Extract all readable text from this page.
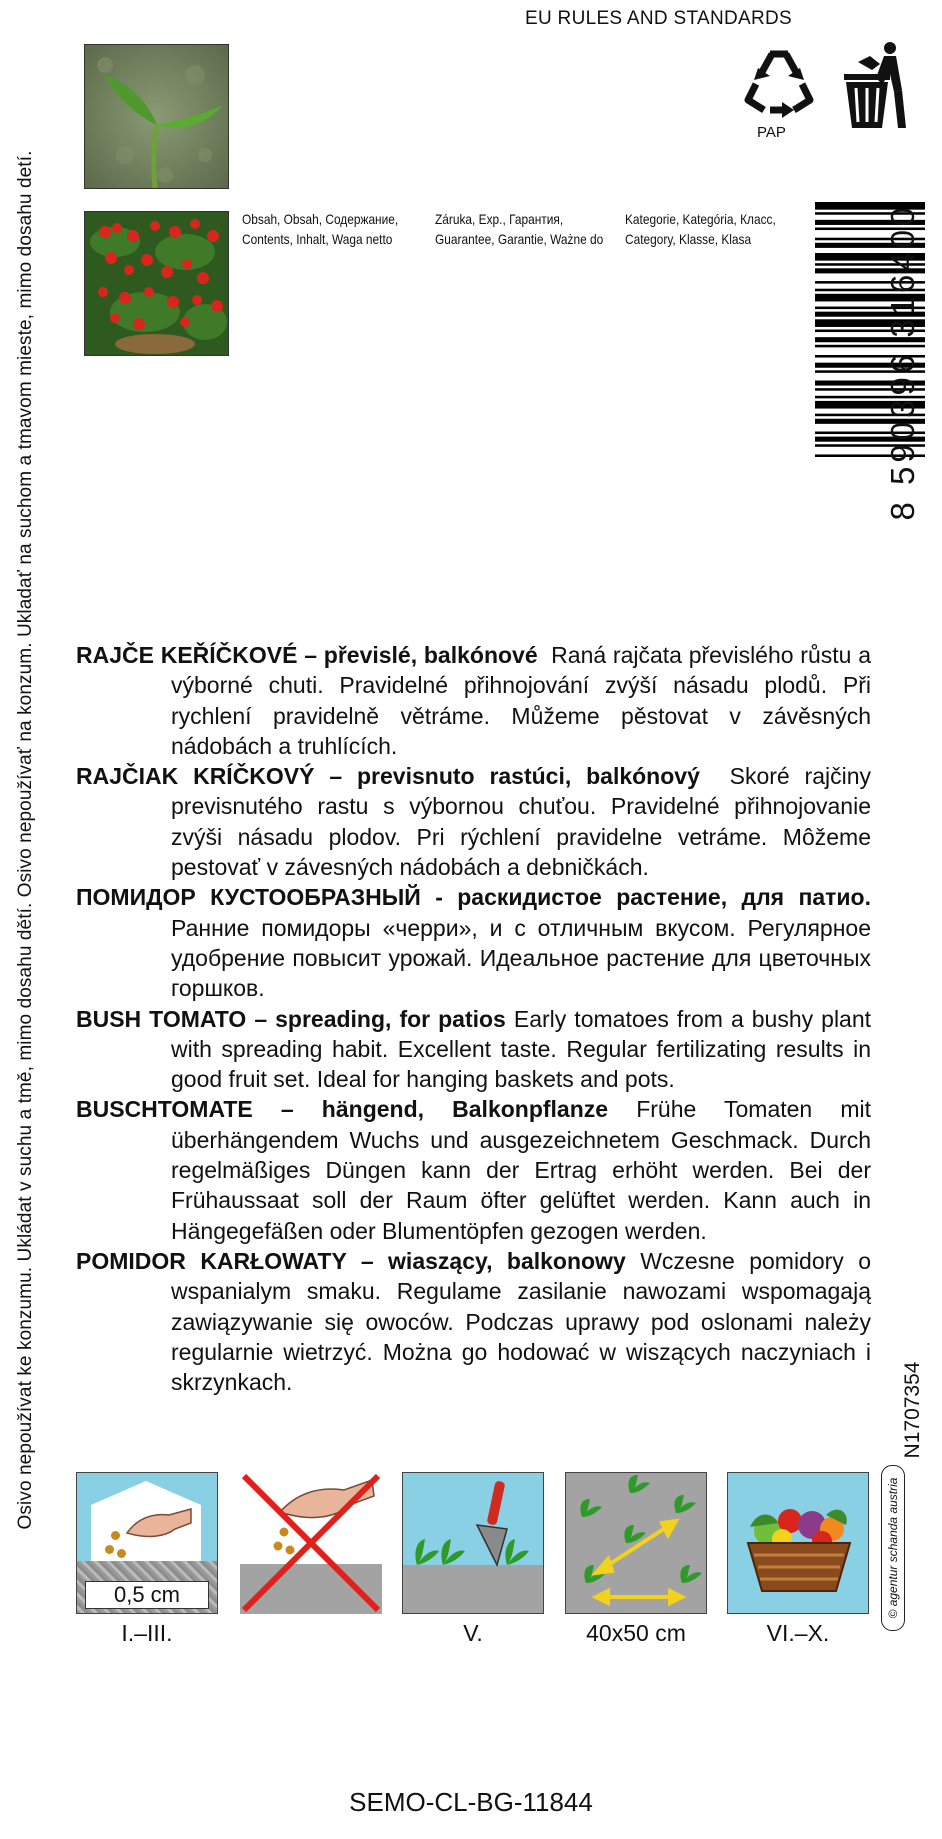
Osivo nepoužívat ke konzumu. Ukládat v suchu a tmě, mimo dosahu dětí. Osivo nepoužívať na konzum. Ukladať na suchom a tmavom mieste, mimo dosahu detí.
EU RULES AND STANDARDS
PAP
Obsah, Obsah, Содержание,
Contents, Inhalt, Waga netto
Záruka, Exp., Гарантия,
Guarantee, Garantie, Ważne do
Kategorie, Kategória, Класс,
Category, Klasse, Klasa	8 590396 316400
N1707354
© agentur schanda austria

RAJČE KEŘÍČKOVÉ – převislé, balkónové Raná rajčata převislého růstu a výborné chuti. Pravidelné přihnojování zvýší násadu plodů. Při rychlení pravidelně větráme. Můžeme pěstovat v závěsných nádobách a truhlících.

RAJČIAK KRÍČKOVÝ – previsnuto rastúci, balkónový Skoré rajčiny previsnutého rastu s výbornou chuťou. Pravidelné přihnojovanie zvýši násadu plodov. Pri rýchlení pravidelne vetráme. Môžeme pestovať v závesných nádobách a debničkách.

ПОМИДОР КУСТООБРАЗНЫЙ - раскидистое растение, для патио. Ранние помидоры «черри», и с отличным вкусом. Регулярное удобрение повысит урожай. Идеальное растение для цветочных горшков.

BUSH TOMATO – spreading, for patios Early tomatoes from a bushy plant with spreading habit. Excellent taste. Regular fertilizating results in good fruit set. Ideal for hanging baskets and pots.

BUSCHTOMATE – hängend, Balkonpflanze Frühe Tomaten mit überhängendem Wuchs und ausgezeichnetem Geschmack. Durch regelmäßiges Düngen kann der Ertrag erhöht werden. Bei der Frühaussaat soll der Raum öfter gelüftet werden. Kann auch in Hängegefäßen oder Blumentöpfen gezogen werden.

POMIDOR KARŁOWATY – wiaszący, balkonowy Wczesne pomidory o wspanialym smaku. Regulame zasilanie nawozami wspomagają zawiązywanie się owoców. Podczas uprawy pod oslonami należy regularnie wietrzyć. Można go hodować w wiszących naczyniach i skrzynkach.

0,5 cm
I.–III.	V.	40x50 cm	VI.–X.
SEMO-CL-BG-11844
